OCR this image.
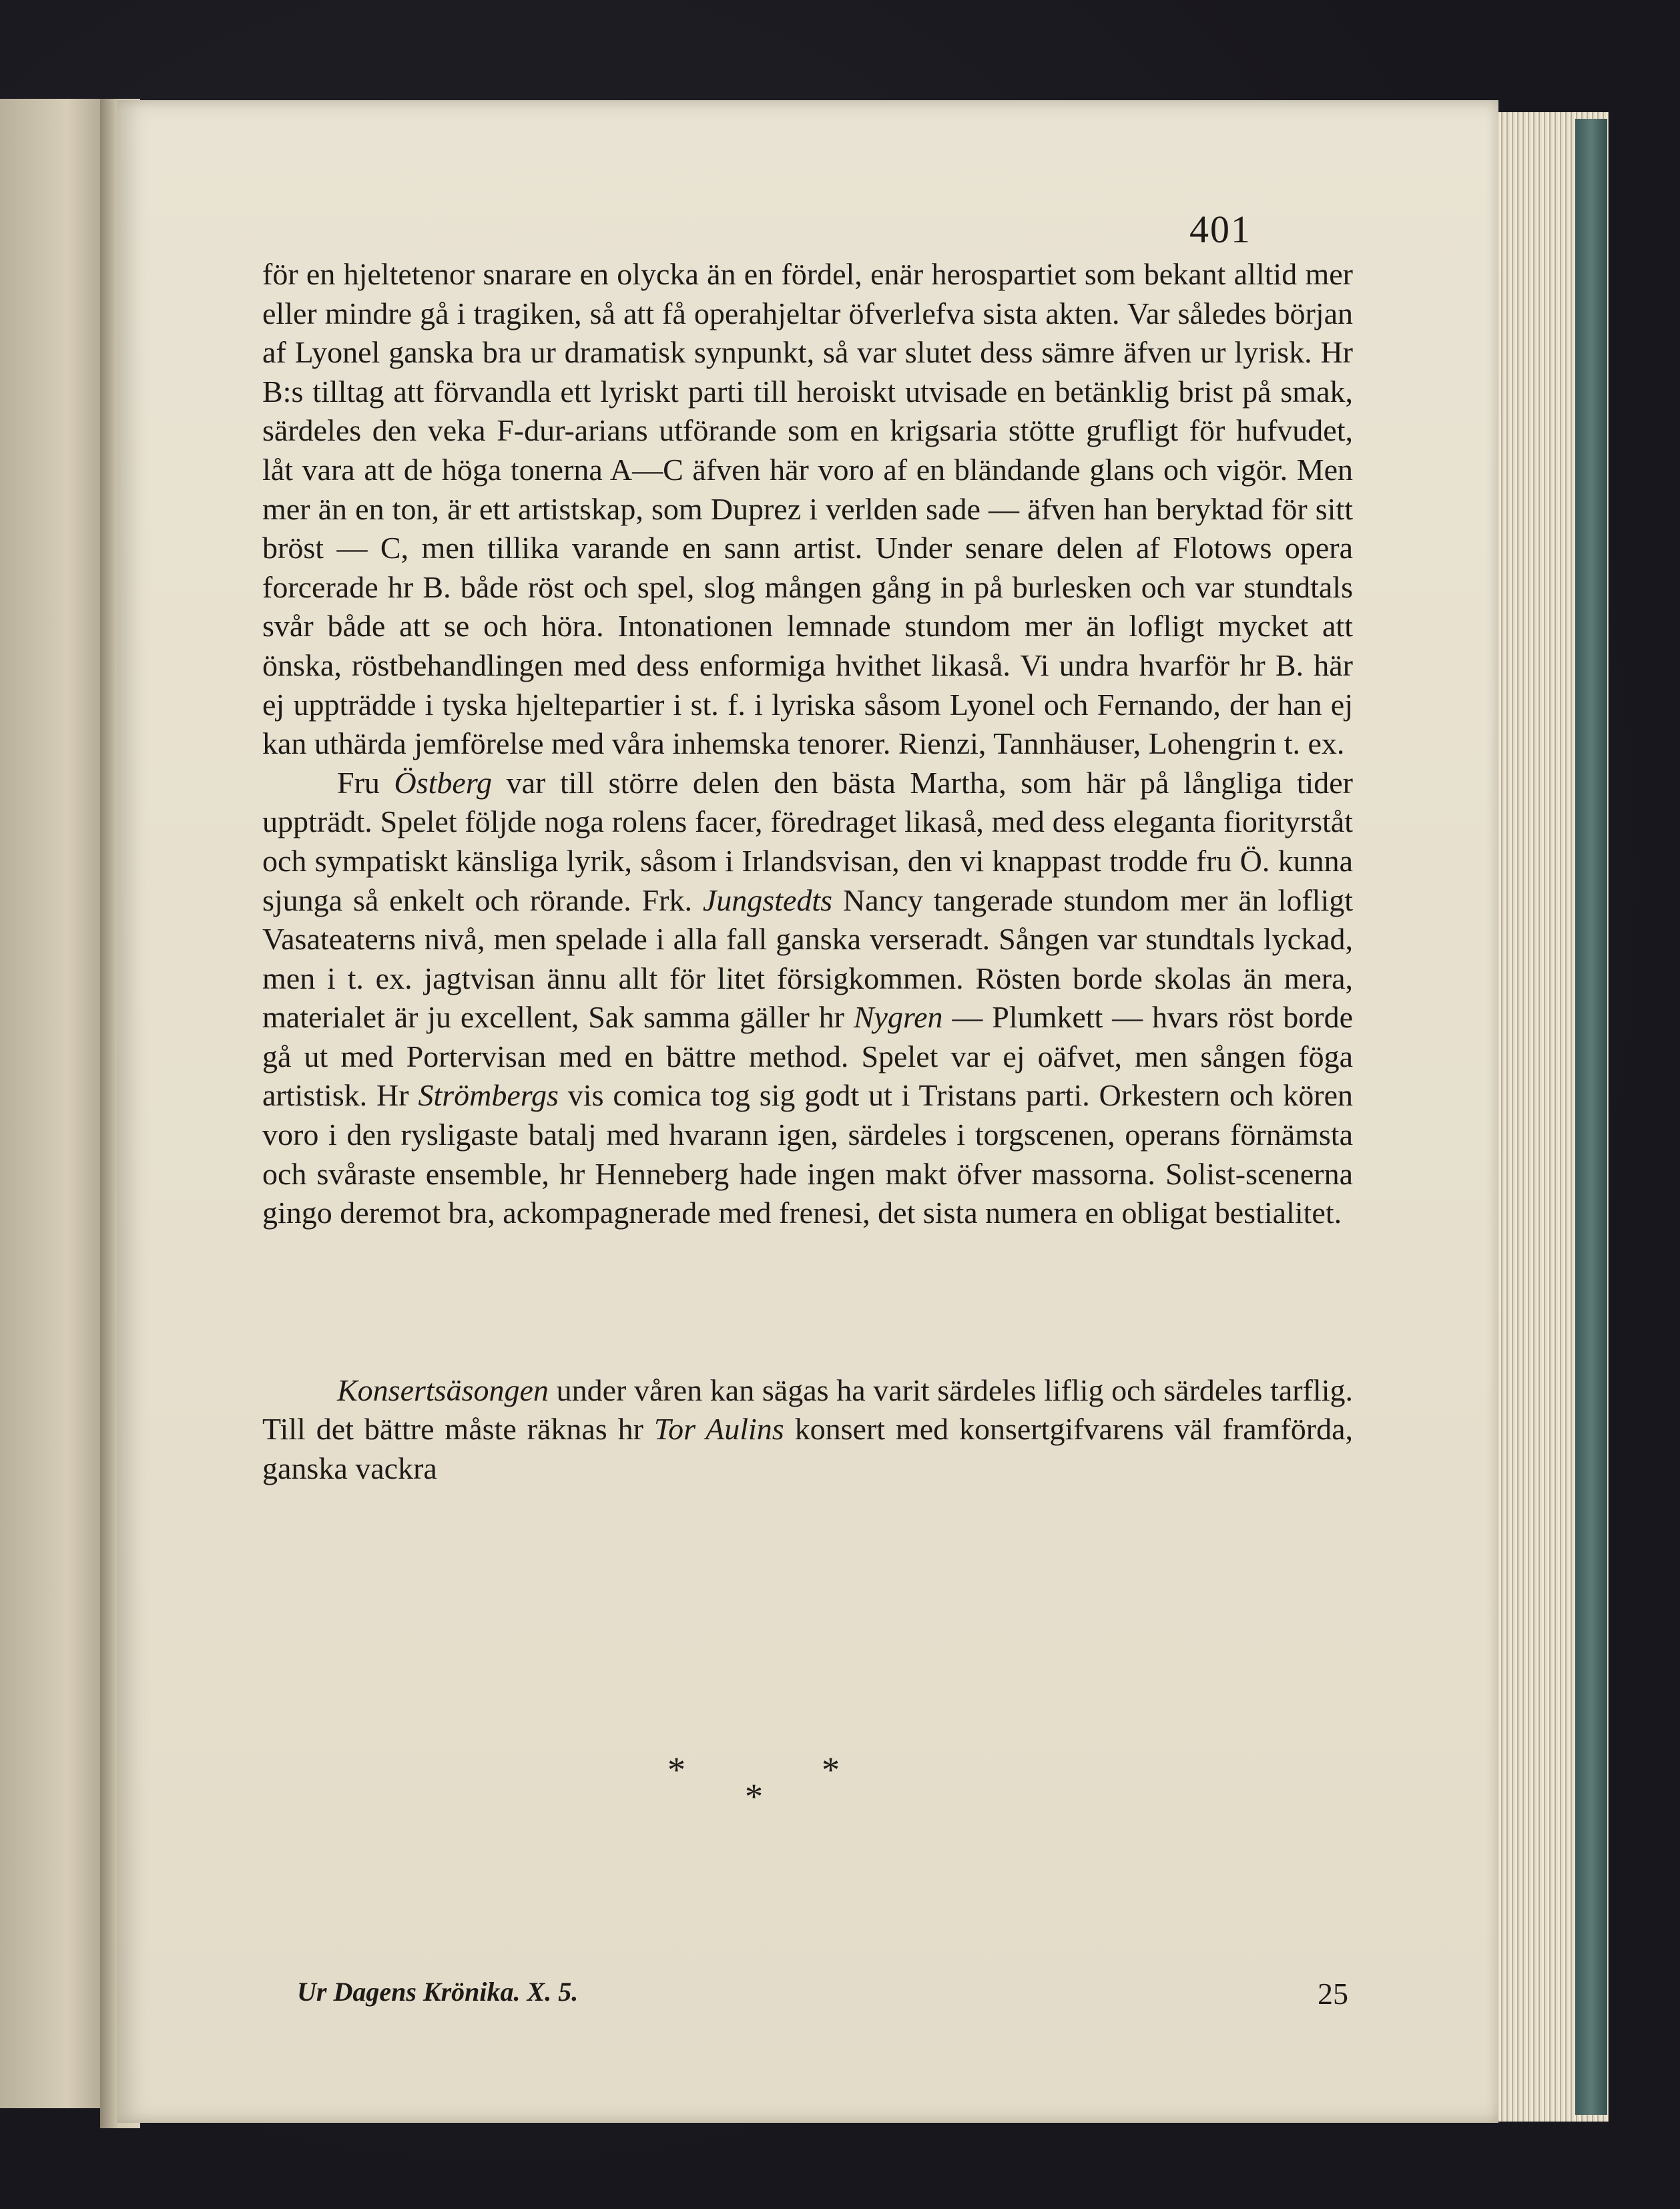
401

för en hjeltetenor snarare en olycka än en fördel, enär herospartiet som bekant alltid mer eller mindre gå i tragiken, så att få operahjeltar öfverlefva sista akten. Var således början af Lyonel ganska bra ur dramatisk synpunkt, så var slutet dess sämre äfven ur lyrisk. Hr B:s tilltag att förvandla ett lyriskt parti till heroiskt utvisade en betänklig brist på smak, särdeles den veka F-dur-arians utförande som en krigsaria stötte grufligt för hufvudet, låt vara att de höga tonerna A—C äfven här voro af en bländande glans och vigör. Men mer än en ton, är ett artistskap, som Duprez i verlden sade — äfven han beryktad för sitt bröst — C, men tillika varande en sann artist. Under senare delen af Flotows opera forcerade hr B. både röst och spel, slog mången gång in på burlesken och var stundtals svår både att se och höra. Intonationen lemnade stundom mer än lofligt mycket att önska, röstbehandlingen med dess enformiga hvithet likaså. Vi undra hvarför hr B. här ej uppträdde i tyska hjeltepartier i st. f. i lyriska såsom Lyonel och Fernando, der han ej kan uthärda jemförelse med våra inhemska tenorer. Rienzi, Tannhäuser, Lohengrin t. ex.

Fru Östberg var till större delen den bästa Martha, som här på långliga tider uppträdt. Spelet följde noga rolens facer, föredraget likaså, med dess eleganta fiorityrståt och sympatiskt känsliga lyrik, såsom i Irlandsvisan, den vi knappast trodde fru Ö. kunna sjunga så enkelt och rörande. Frk. Jungstedts Nancy tangerade stundom mer än lofligt Vasateaterns nivå, men spelade i alla fall ganska verseradt. Sången var stundtals lyckad, men i t. ex. jagtvisan ännu allt för litet försigkommen. Rösten borde skolas än mera, materialet är ju excellent, Sak samma gäller hr Nygren — Plumkett — hvars röst borde gå ut med Portervisan med en bättre method. Spelet var ej oäfvet, men sången föga artistisk. Hr Strömbergs vis comica tog sig godt ut i Tristans parti. Orkestern och kören voro i den rysligaste batalj med hvarann igen, särdeles i torgscenen, operans förnämsta och svåraste ensemble, hr Henneberg hade ingen makt öfver massorna. Solist-scenerna gingo deremot bra, ackompagnerade med frenesi, det sista numera en obligat bestialitet.

Konsertsäsongen under våren kan sägas ha varit särdeles liflig och särdeles tarflig. Till det bättre måste räknas hr Tor Aulins konsert med konsertgifvarens väl framförda, ganska vackra

*	*
*
Ur Dagens Krönika. X. 5.	25
